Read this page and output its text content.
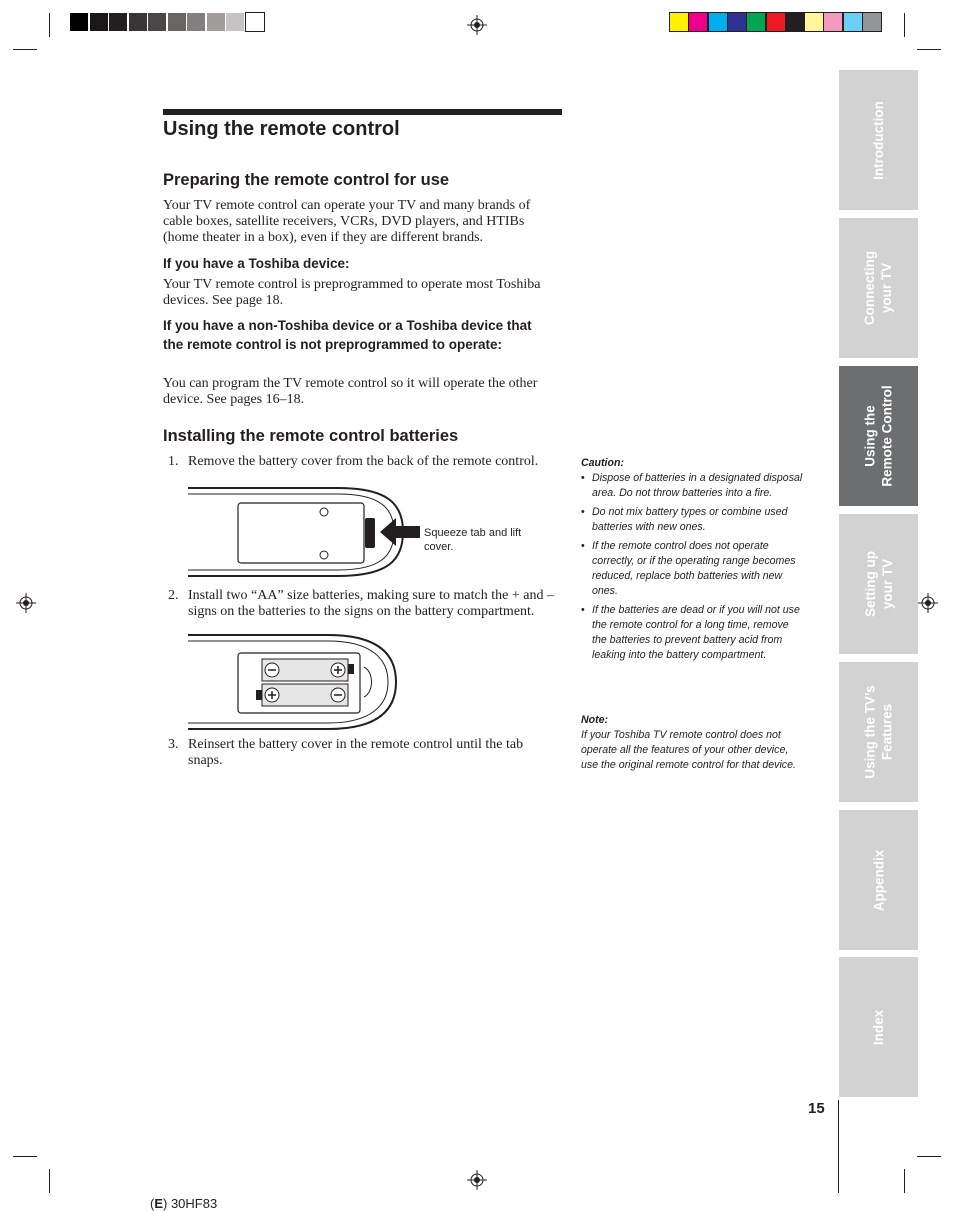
Using the remote control
Preparing the remote control for use

Your TV remote control can operate your TV and many brands of cable boxes, satellite receivers, VCRs, DVD players, and HTIBs (home theater in a box), even if they are different brands.

If you have a Toshiba device:

Your TV remote control is preprogrammed to operate most Toshiba devices. See page 18.

If you have a non-Toshiba device or a Toshiba device that the remote control is not preprogrammed to operate:

You can program the TV remote control so it will operate the other device. See pages 16–18.

Installing the remote control batteries
1. Remove the battery cover from the back of the remote control.
Squeeze tab and lift cover.
2. Install two “AA” size batteries, making sure to match the + and – signs on the batteries to the signs on the battery compartment.
3. Reinsert the battery cover in the remote control until the tab snaps.
Caution:
• Dispose of batteries in a designated disposal area. Do not throw batteries into a fire.
• Do not mix battery types or combine used batteries with new ones.
• If the remote control does not operate correctly, or if the operating range becomes reduced, replace both batteries with new ones.
• If the batteries are dead or if you will not use the remote control for a long time, remove the batteries to prevent battery acid from leaking into the battery compartment.
Note:
If your Toshiba TV remote control does not operate all the features of your other device, use the original remote control for that device.
Introduction
Connecting
your TV
Using the
Remote Control
Setting up
your TV
Using the TV’s
Features
Appendix
Index
15
(E) 30HF83
